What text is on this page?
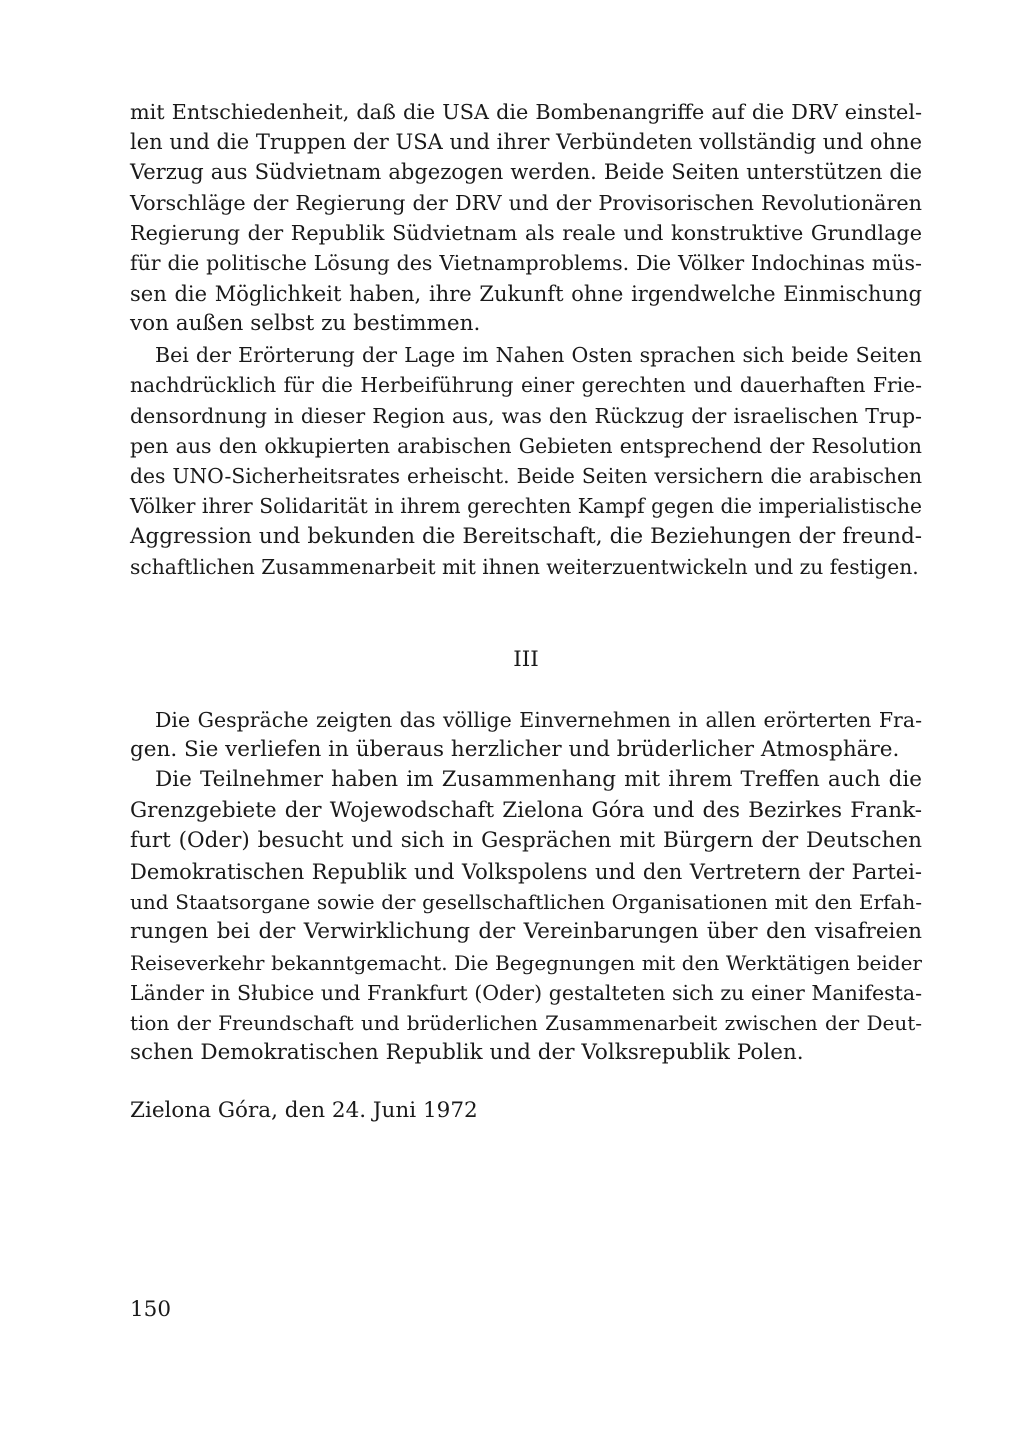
mit Entschiedenheit, daß die USA die Bombenangriffe auf die DRV einstel-
len und die Truppen der USA und ihrer Verbündeten vollständig und ohne
Verzug aus Südvietnam abgezogen werden. Beide Seiten unterstützen die
Vorschläge der Regierung der DRV und der Provisorischen Revolutionären
Regierung der Republik Südvietnam als reale und konstruktive Grundlage
für die politische Lösung des Vietnamproblems. Die Völker Indochinas müs-
sen die Möglichkeit haben, ihre Zukunft ohne irgendwelche Einmischung
von außen selbst zu bestimmen.
Bei der Erörterung der Lage im Nahen Osten sprachen sich beide Seiten
nachdrücklich für die Herbeiführung einer gerechten und dauerhaften Frie-
densordnung in dieser Region aus, was den Rückzug der israelischen Trup-
pen aus den okkupierten arabischen Gebieten entsprechend der Resolution
des UNO-Sicherheitsrates erheischt. Beide Seiten versichern die arabischen
Völker ihrer Solidarität in ihrem gerechten Kampf gegen die imperialistische
Aggression und bekunden die Bereitschaft, die Beziehungen der freund-
schaftlichen Zusammenarbeit mit ihnen weiterzuentwickeln und zu festigen.
III
Die Gespräche zeigten das völlige Einvernehmen in allen erörterten Fra-
gen. Sie verliefen in überaus herzlicher und brüderlicher Atmosphäre.
Die Teilnehmer haben im Zusammenhang mit ihrem Treffen auch die
Grenzgebiete der Wojewodschaft Zielona Góra und des Bezirkes Frank-
furt (Oder) besucht und sich in Gesprächen mit Bürgern der Deutschen
Demokratischen Republik und Volkspolens und den Vertretern der Partei-
und Staatsorgane sowie der gesellschaftlichen Organisationen mit den Erfah-
rungen bei der Verwirklichung der Vereinbarungen über den visafreien
Reiseverkehr bekanntgemacht. Die Begegnungen mit den Werktätigen beider
Länder in Słubice und Frankfurt (Oder) gestalteten sich zu einer Manifesta-
tion der Freundschaft und brüderlichen Zusammenarbeit zwischen der Deut-
schen Demokratischen Republik und der Volksrepublik Polen.
Zielona Góra, den 24. Juni 1972
150
